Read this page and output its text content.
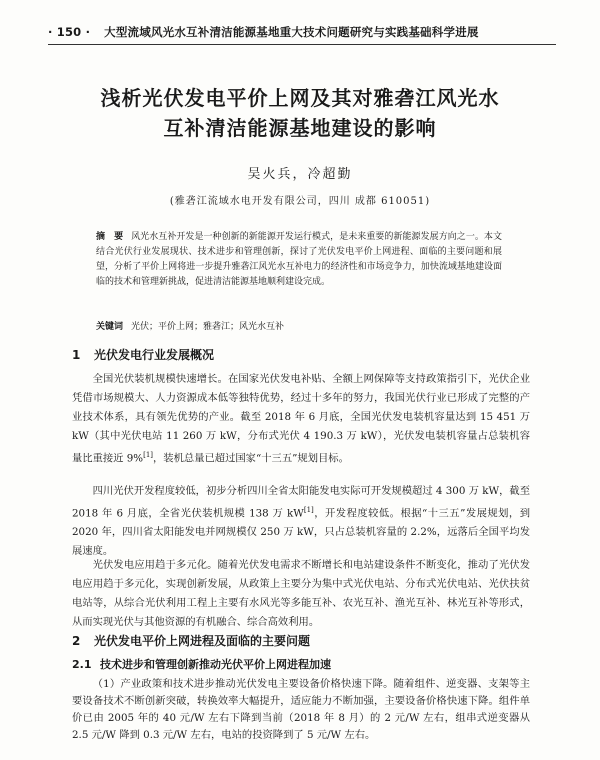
· 150 · 大型流域风光水互补清洁能源基地重大技术问题研究与实践基础科学进展
浅析光伏发电平价上网及其对雅砻江风光水
互补清洁能源基地建设的影响
吴火兵，冷超勤
(雅砻江流域水电开发有限公司，四川 成都 610051)
摘　要 风光水互补开发是一种创新的新能源开发运行模式，是未来重要的新能源发展方向之一。本文结合光伏行业发展现状、技术进步和管理创新，探讨了光伏发电平价上网进程、面临的主要问题和展望，分析了平价上网将进一步提升雅砻江风光水互补电力的经济性和市场竞争力，加快流域基地建设面临的技术和管理新挑战，促进清洁能源基地顺利建设完成。
关键词 光伏；平价上网；雅砻江；风光水互补
1 光伏发电行业发展概况
全国光伏装机规模快速增长。在国家光伏发电补贴、全额上网保障等支持政策指引下，光伏企业凭借市场规模大、人力资源成本低等独特优势，经过十多年的努力，我国光伏行业已形成了完整的产业技术体系，具有领先优势的产业。截至 2018 年 6 月底，全国光伏发电装机容量达到 15 451 万 kW（其中光伏电站 11 260 万 kW，分布式光伏 4 190.3 万 kW），光伏发电装机容量占总装机容量比重接近 9%[1]，装机总量已超过国家“十三五”规划目标。
四川光伏开发程度较低，初步分析四川全省太阳能发电实际可开发规模超过 4 300 万 kW，截至 2018 年 6 月底，全省光伏装机规模 138 万 kW[1]，开发程度较低。根据“十三五”发展规划，到 2020 年，四川省太阳能发电并网规模仅 250 万 kW，只占总装机容量的 2.2%，远落后全国平均发展速度。
光伏发电应用趋于多元化。随着光伏发电需求不断增长和电站建设条件不断变化，推动了光伏发电应用趋于多元化，实现创新发展，从政策上主要分为集中式光伏电站、分布式光伏电站、光伏扶贫电站等，从综合光伏利用工程上主要有水风光等多能互补、农光互补、渔光互补、林光互补等形式，从而实现光伏与其他资源的有机融合、综合高效利用。
2 光伏发电平价上网进程及面临的主要问题
2.1 技术进步和管理创新推动光伏平价上网进程加速
（1）产业政策和技术进步推动光伏发电主要设备价格快速下降。随着组件、逆变器、支架等主要设备技术不断创新突破，转换效率大幅提升，适应能力不断加强，主要设备价格快速下降。组件单价已由 2005 年的 40 元/W 左右下降到当前（2018 年 8 月）的 2 元/W 左右，组串式逆变器从 2.5 元/W 降到 0.3 元/W 左右，电站的投资降到了 5 元/W 左右。
